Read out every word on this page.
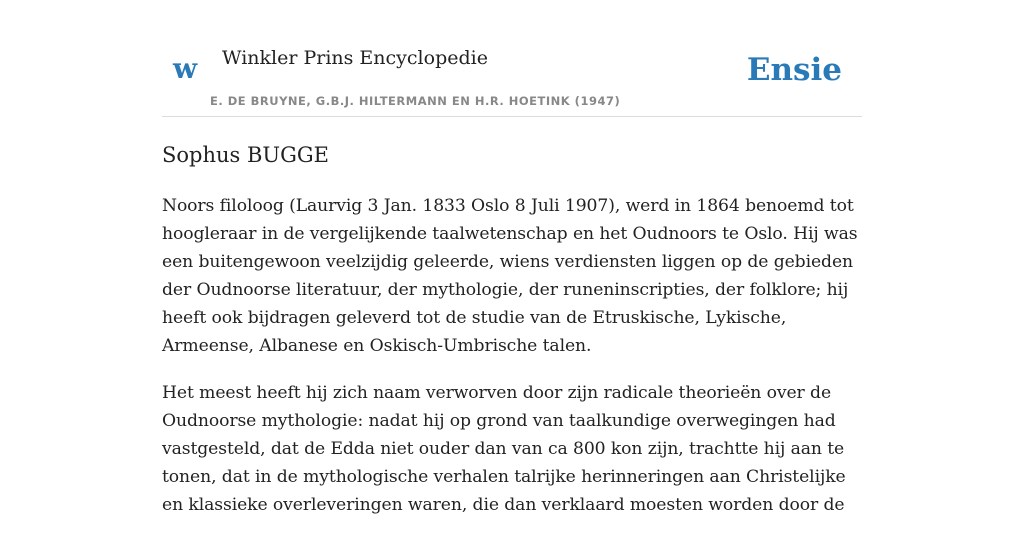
w Winkler Prins Encyclopedie	Ensie
E. DE BRUYNE, G.B.J. HILTERMANN EN H.R. HOETINK (1947)
Sophus BUGGE

Noors filoloog (Laurvig 3 Jan. 1833 Oslo 8 Juli 1907), werd in 1864 benoemd tot hoogleraar in de vergelijkende taalwetenschap en het Oudnoors te Oslo. Hij was een buitengewoon veelzijdig geleerde, wiens verdiensten liggen op de gebieden der Oudnoorse literatuur, der mythologie, der runeninscripties, der folklore; hij heeft ook bijdragen geleverd tot de studie van de Etruskische, Lykische, Armeense, Albanese en Oskisch-Umbrische talen.

Het meest heeft hij zich naam verworven door zijn radicale theorieën over de Oudnoorse mythologie: nadat hij op grond van taalkundige overwegingen had vastgesteld, dat de Edda niet ouder dan van ca 800 kon zijn, trachtte hij aan te tonen, dat in de mythologische verhalen talrijke herinneringen aan Christelijke en klassieke overleveringen waren, die dan verklaard moesten worden door de
